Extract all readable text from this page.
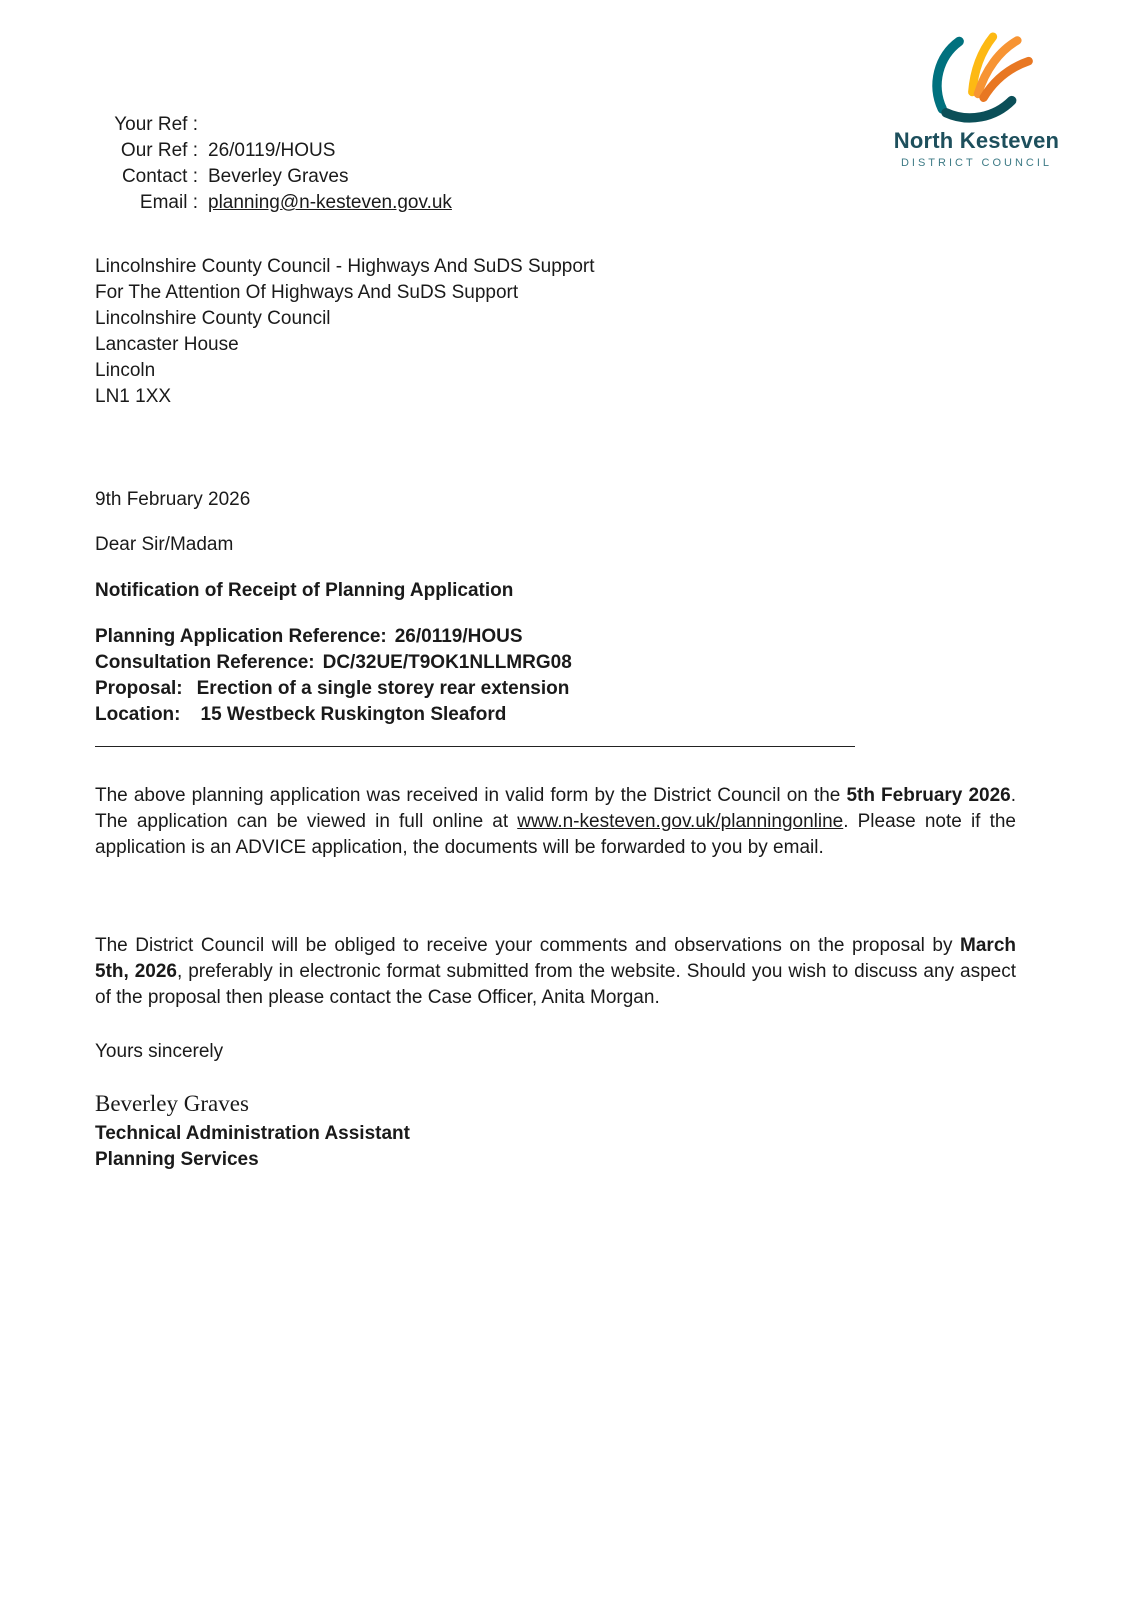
North Kesteven
DISTRICT COUNCIL
Your Ref :
Our Ref : 26/0119/HOUS
Contact : Beverley Graves
Email : planning@n-kesteven.gov.uk
Lincolnshire County Council - Highways And SuDS Support
For The Attention Of Highways And SuDS Support
Lincolnshire County Council
Lancaster House
Lincoln
LN1 1XX
9th February 2026
Dear Sir/Madam
Notification of Receipt of Planning Application
Planning Application Reference: 26/0119/HOUS
Consultation Reference: DC/32UE/T9OK1NLLMRG08
Proposal: Erection of a single storey rear extension
Location: 15 Westbeck Ruskington Sleaford

The above planning application was received in valid form by the District Council on the 5th February 2026. The application can be viewed in full online at www.n-kesteven.gov.uk/planningonline. Please note if the application is an ADVICE application, the documents will be forwarded to you by email.

The District Council will be obliged to receive your comments and observations on the proposal by March 5th, 2026, preferably in electronic format submitted from the website. Should you wish to discuss any aspect of the proposal then please contact the Case Officer, Anita Morgan.

Yours sincerely
Beverley Graves
Technical Administration Assistant
Planning Services
